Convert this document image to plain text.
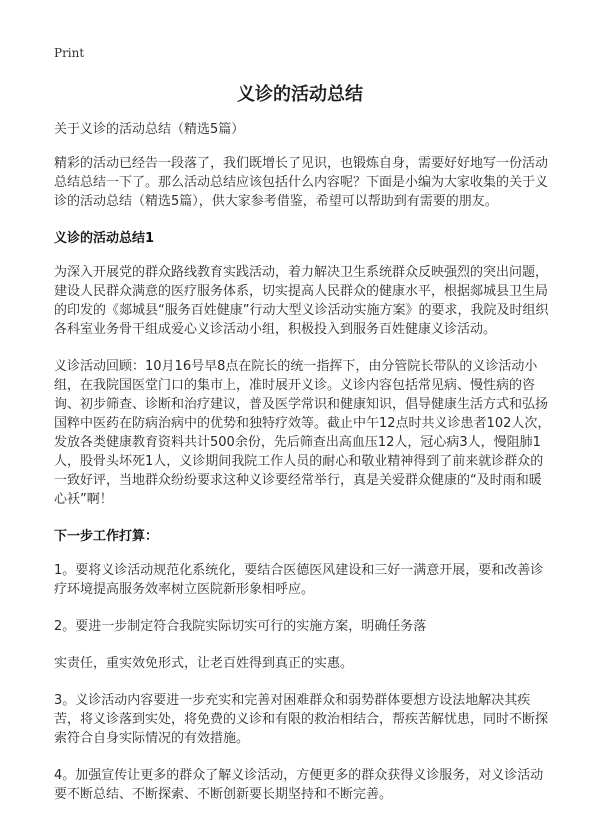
Print
义诊的活动总结

关于义诊的活动总结（精选5篇）

精彩的活动已经告一段落了，我们既增长了见识，也锻炼自身，需要好好地写一份活动总结总结一下了。那么活动总结应该包括什么内容呢？下面是小编为大家收集的关于义诊的活动总结（精选5篇），供大家参考借鉴，希望可以帮助到有需要的朋友。

义诊的活动总结1

为深入开展党的群众路线教育实践活动，着力解决卫生系统群众反映强烈的突出问题，建设人民群众满意的医疗服务体系，切实提高人民群众的健康水平，根据郯城县卫生局的印发的《郯城县“服务百姓健康”行动大型义诊活动实施方案》的要求，我院及时组织各科室业务骨干组成爱心义诊活动小组，积极投入到服务百姓健康义诊活动。

义诊活动回顾：10月16号早8点在院长的统一指挥下，由分管院长带队的义诊活动小组，在我院国医堂门口的集市上，准时展开义诊。义诊内容包括常见病、慢性病的咨询、初步筛查、诊断和治疗建议，普及医学常识和健康知识，倡导健康生活方式和弘扬国粹中医药在防病治病中的优势和独特疗效等。截止中午12点时共义诊患者102人次，发放各类健康教育资料共计500余份，先后筛查出高血压12人，冠心病3人，慢阻肺1人，股骨头坏死1人，义诊期间我院工作人员的耐心和敬业精神得到了前来就诊群众的一致好评，当地群众纷纷要求这种义诊要经常举行，真是关爱群众健康的“及时雨和暖心袄”啊！

下一步工作打算：

1。要将义诊活动规范化系统化，要结合医德医风建设和三好一满意开展，要和改善诊疗环境提高服务效率树立医院新形象相呼应。

2。要进一步制定符合我院实际切实可行的实施方案，明确任务落

实责任，重实效免形式，让老百姓得到真正的实惠。

3。义诊活动内容要进一步充实和完善对困难群众和弱势群体要想方设法地解决其疾苦，将义诊落到实处，将免费的义诊和有限的救治相结合，帮疾苦解忧患，同时不断探索符合自身实际情况的有效措施。

4。加强宣传让更多的群众了解义诊活动，方便更多的群众获得义诊服务，对义诊活动要不断总结、不断探索、不断创新要长期坚持和不断完善。
